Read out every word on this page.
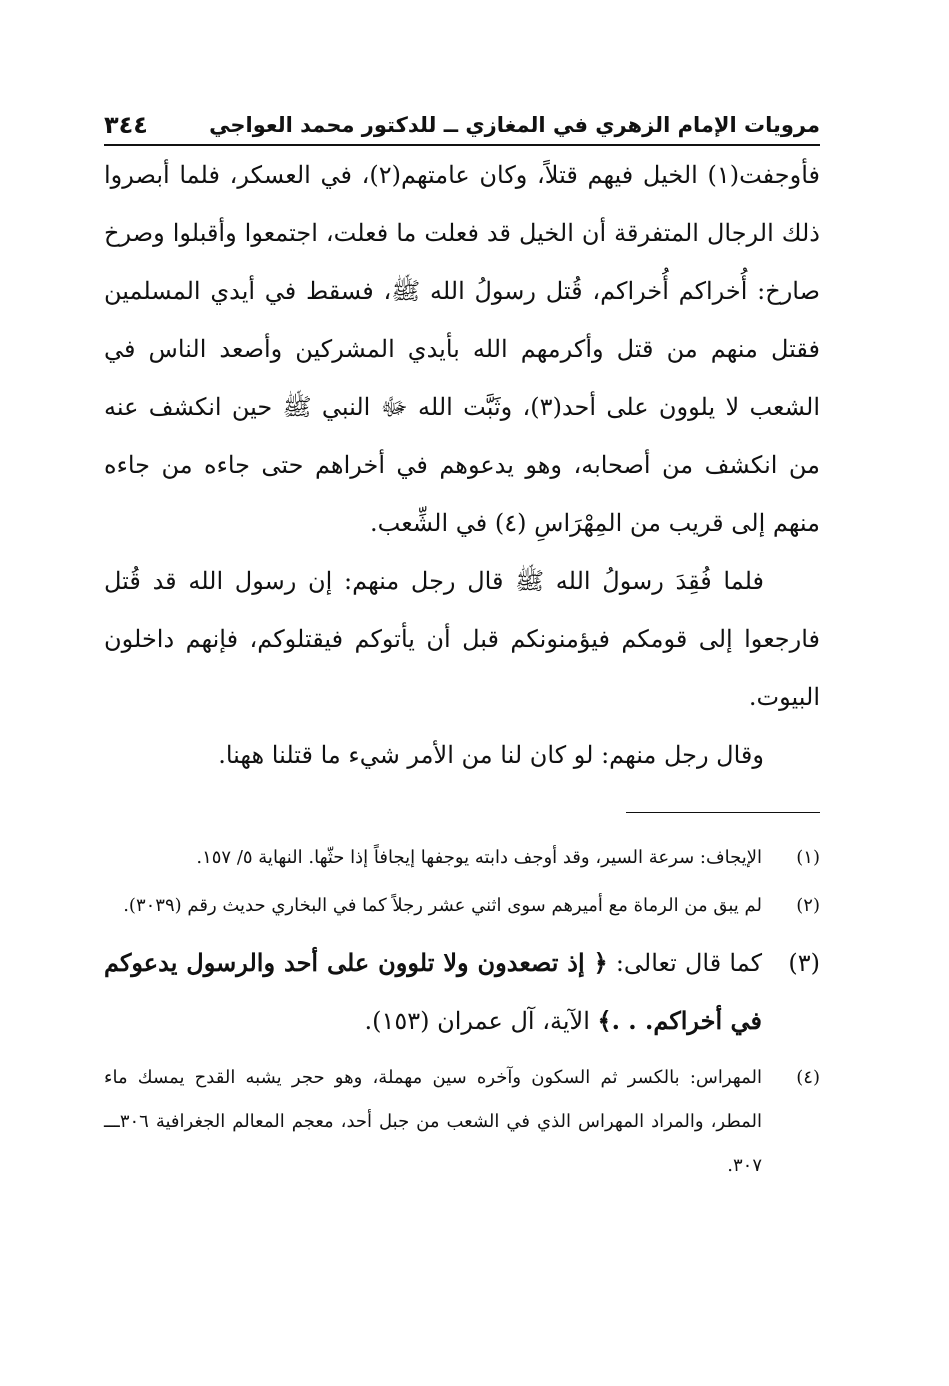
مرويات الإمام الزهري في المغازي ــ للدكتور محمد العواجي
٣٤٤

فأوجفت(١) الخيل فيهم قتلاً، وكان عامتهم(٢)، في العسكر، فلما أبصروا ذلك الرجال المتفرقة أن الخيل قد فعلت ما فعلت، اجتمعوا وأقبلوا وصرخ صارخ: أُخراكم أُخراكم، قُتل رسولُ الله ﷺ، فسقط في أيدي المسلمين فقتل منهم من قتل وأكرمهم الله بأيدي المشركين وأصعد الناس في الشعب لا يلوون على أحد(٣)، وثَبَّت الله ﷻ النبي ﷺ حين انكشف عنه من انكشف من أصحابه، وهو يدعوهم في أخراهم حتى جاءه من جاءه منهم إلى قريب من المِهْرَاسِ (٤) في الشِّعب.

فلما فُقِدَ رسولُ الله ﷺ قال رجل منهم: إن رسول الله قد قُتل فارجعوا إلى قومكم فيؤمنونكم قبل أن يأتوكم فيقتلوكم، فإنهم داخلون البيوت.

وقال رجل منهم: لو كان لنا من الأمر شيء ما قتلنا ههنا.

(١)
الإيجاف: سرعة السير، وقد أوجف دابته يوجفها إيجافاً إذا حثّها. النهاية ٥/ ١٥٧.
(٢)
لم يبق من الرماة مع أميرهم سوى اثني عشر رجلاً كما في البخاري حديث رقم (٣٠٣٩).
(٣)
كما قال تعالى: ﴿ إذ تصعدون ولا تلوون على أحد والرسول يدعوكم في أخراكم. . .﴾ الآية، آل عمران (١٥٣).
(٤)
المهراس: بالكسر ثم السكون وآخره سين مهملة، وهو حجر يشبه القدح يمسك ماء المطر، والمراد المهراس الذي في الشعب من جبل أحد، معجم المعالم الجغرافية ٣٠٦ـــ ٣٠٧.
